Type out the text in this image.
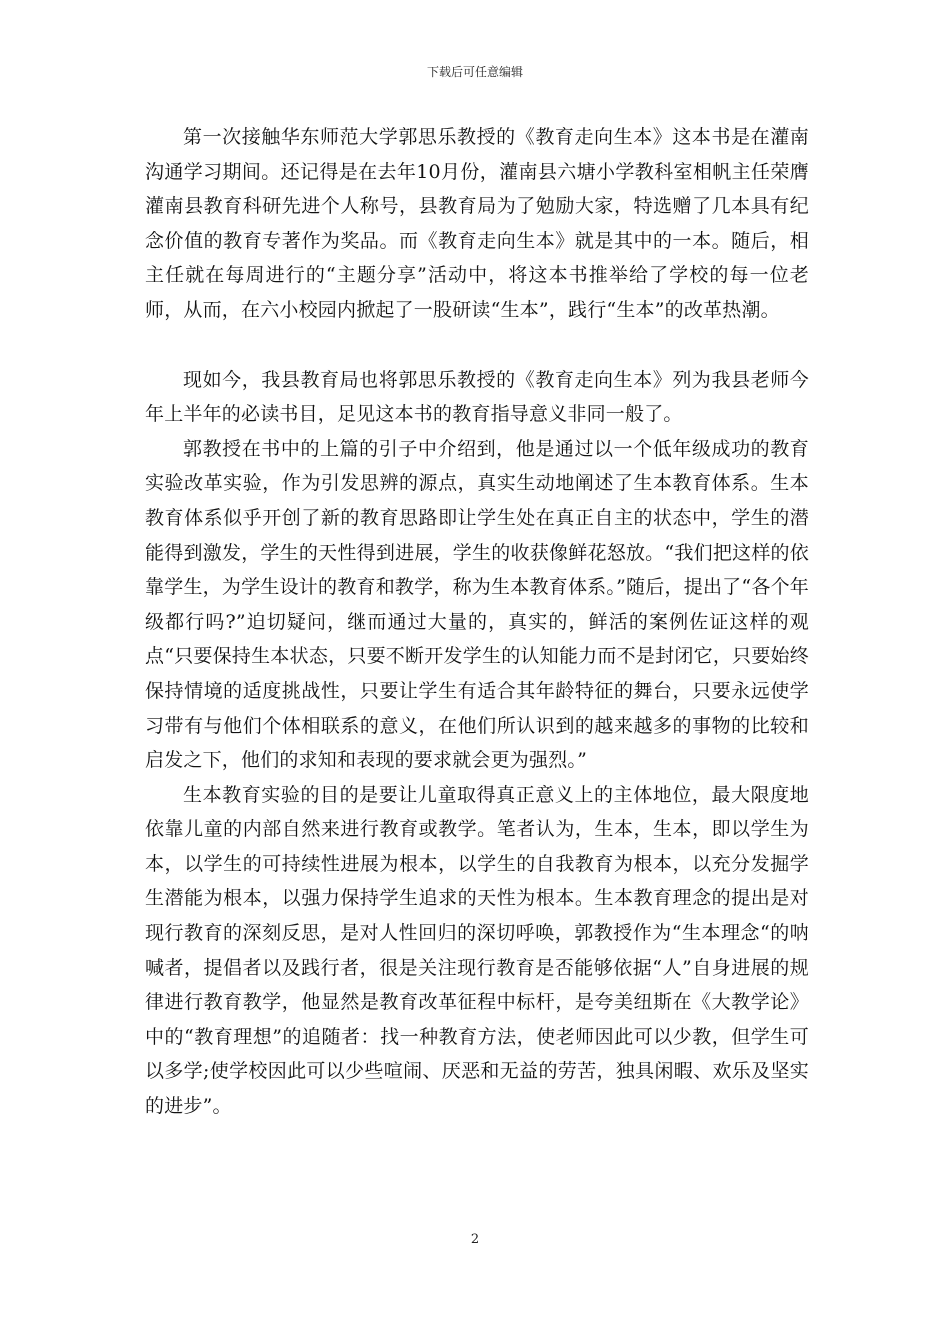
下载后可任意编辑

第一次接触华东师范大学郭思乐教授的《教育走向生本》这本书是在灌南沟通学习期间。还记得是在去年10月份，灌南县六塘小学教科室相帆主任荣膺灌南县教育科研先进个人称号，县教育局为了勉励大家，特选赠了几本具有纪念价值的教育专著作为奖品。而《教育走向生本》就是其中的一本。随后，相主任就在每周进行的“主题分享”活动中，将这本书推举给了学校的每一位老师，从而，在六小校园内掀起了一股研读“生本”，践行“生本”的改革热潮。

现如今，我县教育局也将郭思乐教授的《教育走向生本》列为我县老师今年上半年的必读书目，足见这本书的教育指导意义非同一般了。

郭教授在书中的上篇的引子中介绍到，他是通过以一个低年级成功的教育实验改革实验，作为引发思辨的源点，真实生动地阐述了生本教育体系。生本教育体系似乎开创了新的教育思路即让学生处在真正自主的状态中，学生的潜能得到激发，学生的天性得到进展，学生的收获像鲜花怒放。“我们把这样的依靠学生，为学生设计的教育和教学，称为生本教育体系。”随后，提出了“各个年级都行吗?”迫切疑问，继而通过大量的，真实的，鲜活的案例佐证这样的观点“只要保持生本状态，只要不断开发学生的认知能力而不是封闭它，只要始终保持情境的适度挑战性，只要让学生有适合其年龄特征的舞台，只要永远使学习带有与他们个体相联系的意义，在他们所认识到的越来越多的事物的比较和启发之下，他们的求知和表现的要求就会更为强烈。”

生本教育实验的目的是要让儿童取得真正意义上的主体地位，最大限度地依靠儿童的内部自然来进行教育或教学。笔者认为，生本，生本，即以学生为本，以学生的可持续性进展为根本，以学生的自我教育为根本，以充分发掘学生潜能为根本，以强力保持学生追求的天性为根本。生本教育理念的提出是对现行教育的深刻反思，是对人性回归的深切呼唤，郭教授作为“生本理念“的呐喊者，提倡者以及践行者，很是关注现行教育是否能够依据“人”自身进展的规律进行教育教学，他显然是教育改革征程中标杆，是夸美纽斯在《大教学论》中的“教育理想”的追随者：找一种教育方法，使老师因此可以少教，但学生可以多学;使学校因此可以少些喧闹、厌恶和无益的劳苦，独具闲暇、欢乐及坚实的进步”。

2
